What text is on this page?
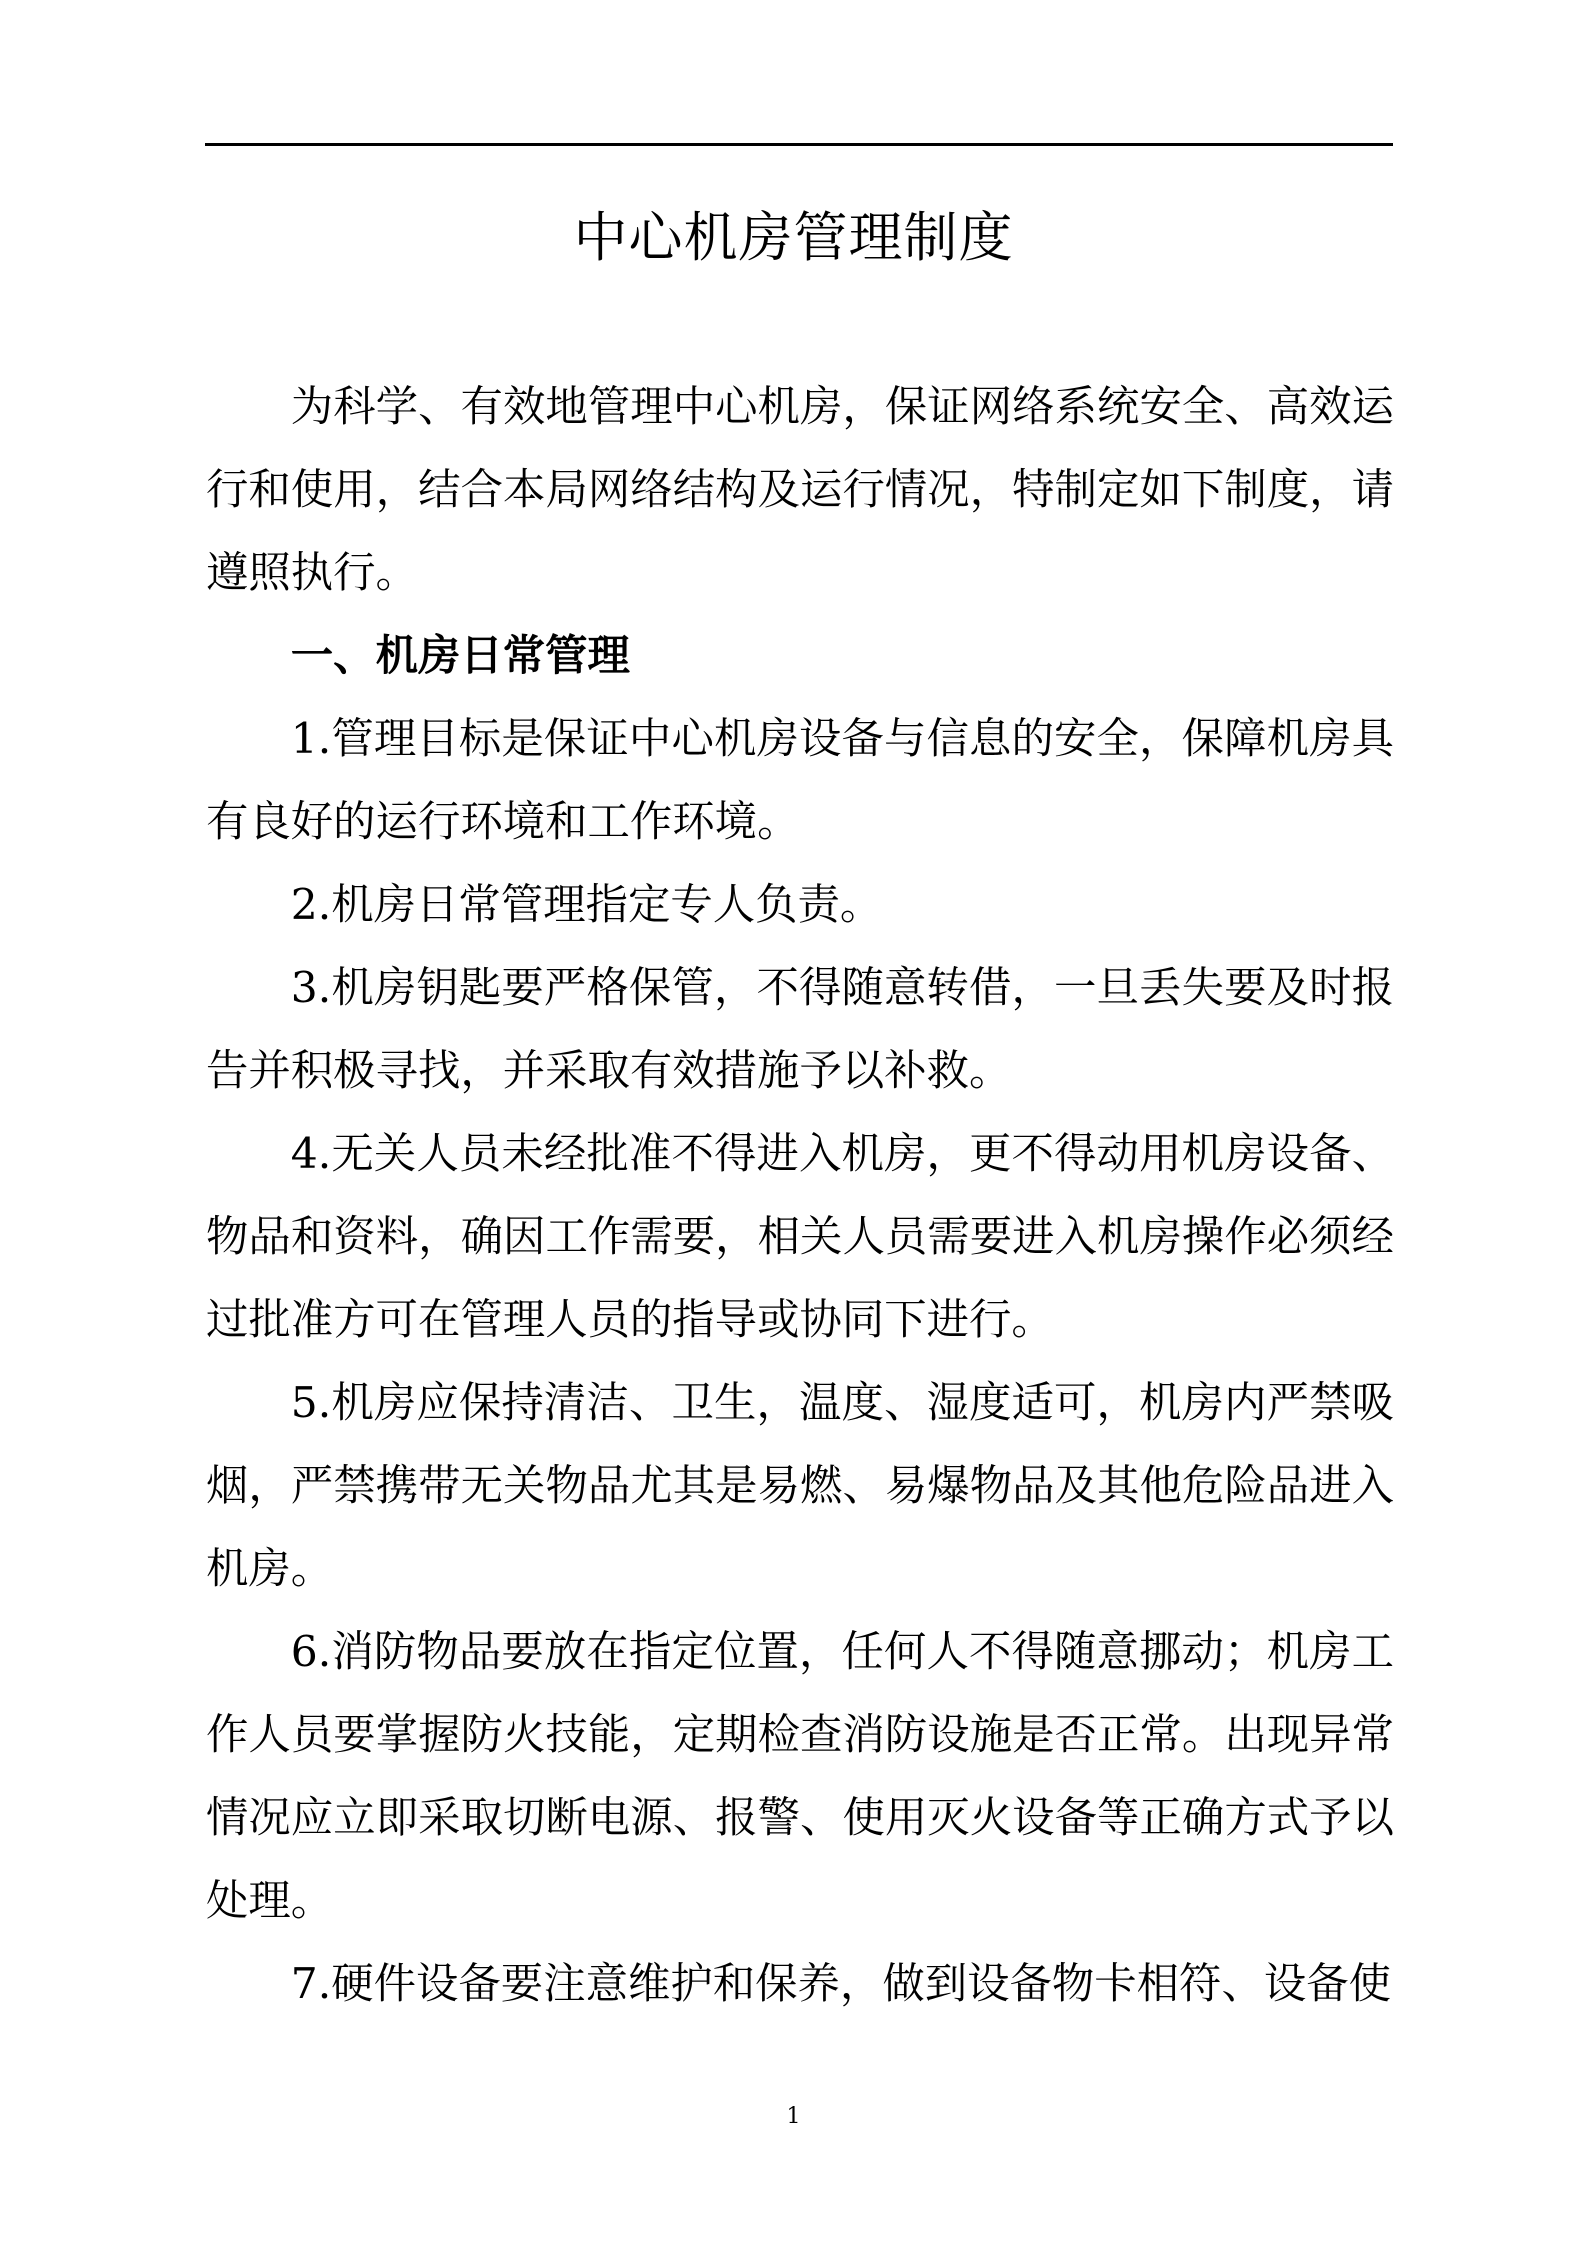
中心机房管理制度

为科学、有效地管理中心机房，保证网络系统安全、高效运行和使用，结合本局网络结构及运行情况，特制定如下制度，请遵照执行。

一、机房日常管理

1.管理目标是保证中心机房设备与信息的安全，保障机房具有良好的运行环境和工作环境。

2.机房日常管理指定专人负责。

3.机房钥匙要严格保管，不得随意转借，一旦丢失要及时报告并积极寻找，并采取有效措施予以补救。

4.无关人员未经批准不得进入机房，更不得动用机房设备、物品和资料，确因工作需要，相关人员需要进入机房操作必须经过批准方可在管理人员的指导或协同下进行。

5.机房应保持清洁、卫生，温度、湿度适可，机房内严禁吸烟，严禁携带无关物品尤其是易燃、易爆物品及其他危险品进入机房。

6.消防物品要放在指定位置，任何人不得随意挪动；机房工作人员要掌握防火技能，定期检查消防设施是否正常。出现异常情况应立即采取切断电源、报警、使用灭火设备等正确方式予以处理。

7.硬件设备要注意维护和保养，做到设备物卡相符、设备使

1
